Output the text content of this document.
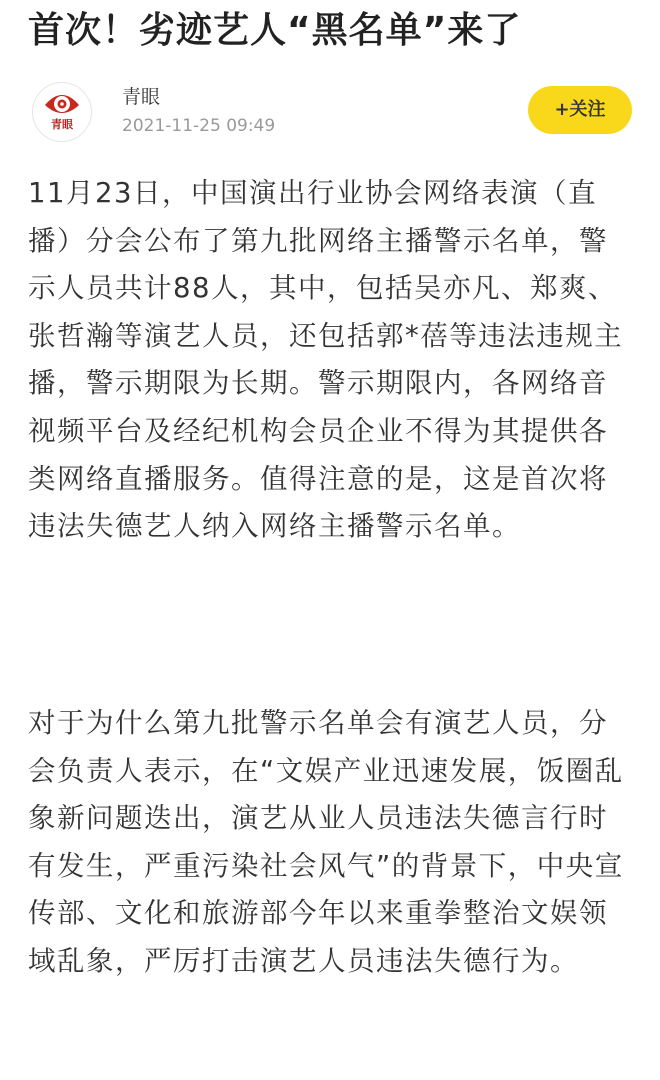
首次！劣迹艺人“黑名单”来了
青眼
青眼
2021-11-25 09:49
+关注
11月23日，中国演出行业协会网络表演（直播）分会公布了第九批网络主播警示名单，警示人员共计88人，其中，包括吴亦凡、郑爽、张哲瀚等演艺人员，还包括郭*蓓等违法违规主播，警示期限为长期。警示期限内，各网络音视频平台及经纪机构会员企业不得为其提供各类网络直播服务。值得注意的是，这是首次将违法失德艺人纳入网络主播警示名单。
对于为什么第九批警示名单会有演艺人员，分会负责人表示，在“文娱产业迅速发展，饭圈乱象新问题迭出，演艺从业人员违法失德言行时有发生，严重污染社会风气”的背景下，中央宣传部、文化和旅游部今年以来重拳整治文娱领域乱象，严厉打击演艺人员违法失德行为。
